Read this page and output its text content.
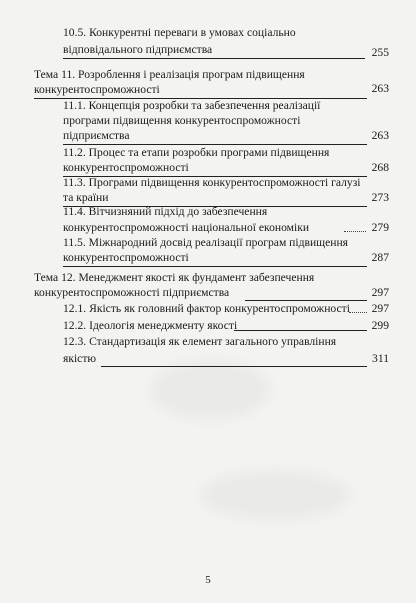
10.5. Конкурентні переваги в умовах соціально
відповідального підприємства	255
Тема 11. Розроблення і реалізація програм підвищення
конкурентоспроможності	263
11.1. Концепція розробки та забезпечення реалізації
програми підвищення конкурентоспроможності
підприємства	263
11.2. Процес та етапи розробки програми підвищення
конкурентоспроможності	268
11.3. Програми підвищення конкурентоспроможності галузі
та країни	273
11.4. Вітчизняний підхід до забезпечення
конкурентоспроможності національної економіки	279
11.5. Міжнародний досвід реалізації програм підвищення
конкурентоспроможності	287
Тема 12. Менеджмент якості як фундамент забезпечення
конкурентоспроможності підприємства	297
12.1. Якість як головний фактор конкурентоспроможності	297
12.2. Ідеологія менеджменту якості	299
12.3. Стандартизація як елемент загального управління
якістю	311
5
